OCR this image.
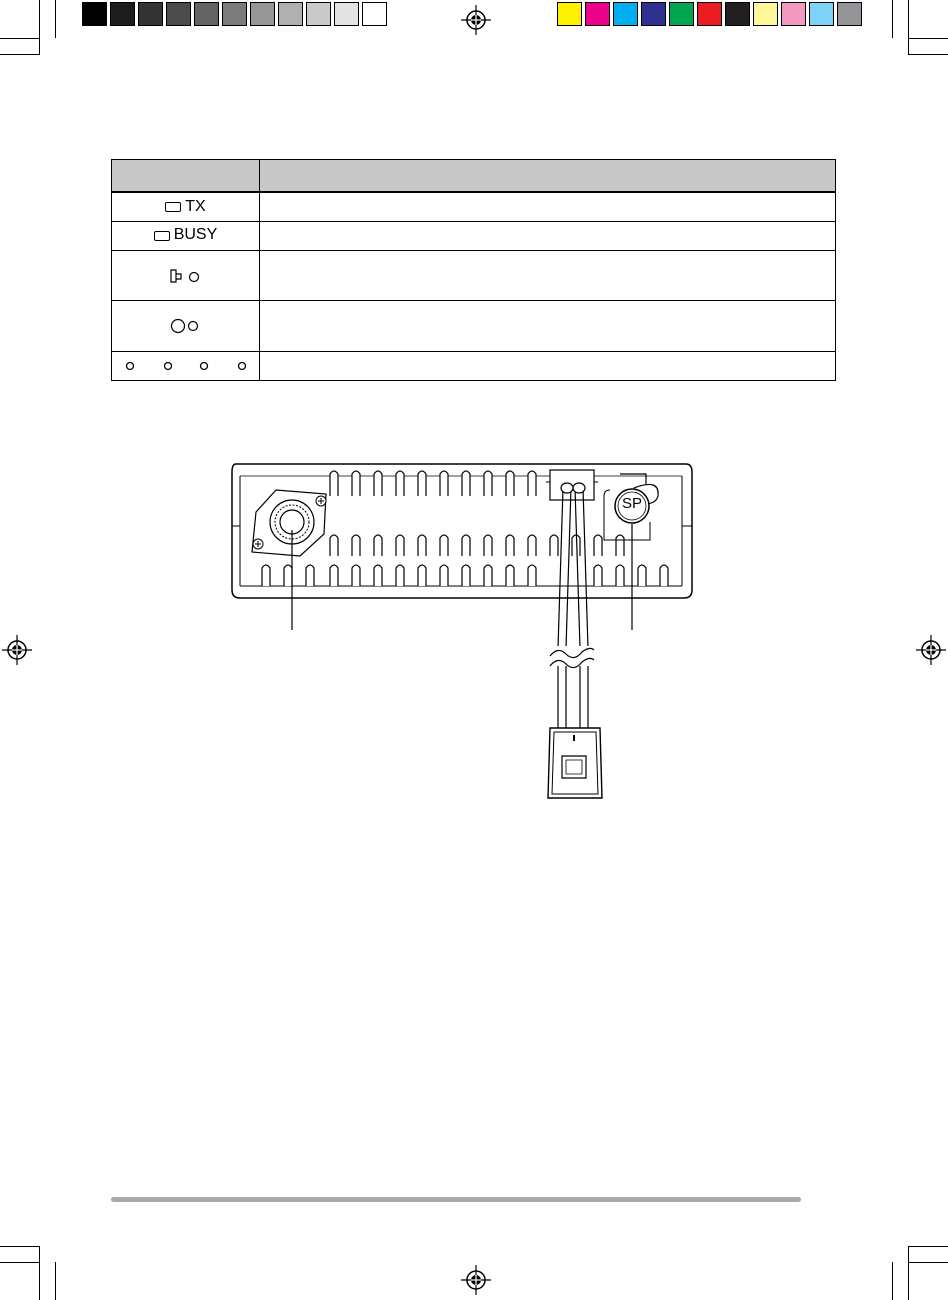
TX	
BUSY	

SP
